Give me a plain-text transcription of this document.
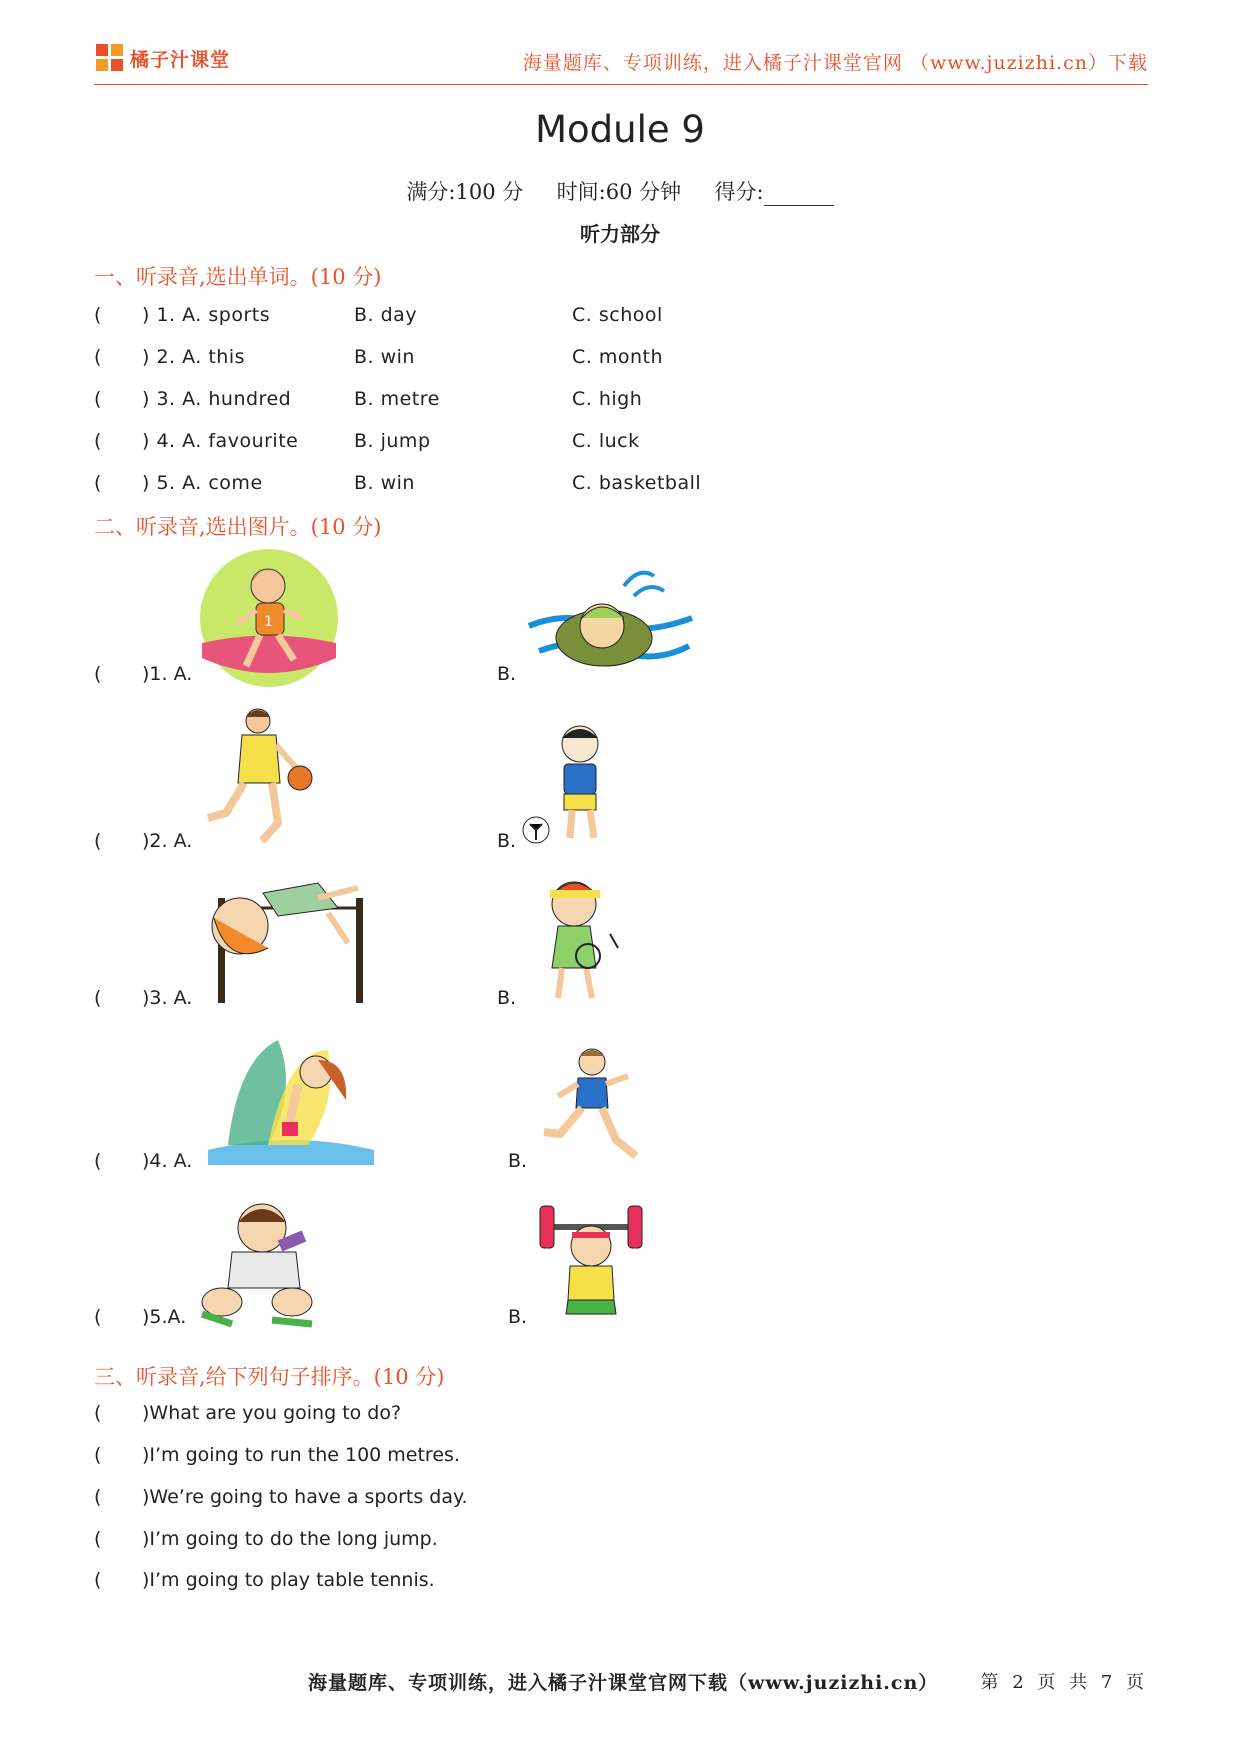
橘子汁课堂	海量题库、专项训练，进入橘子汁课堂官网 （www.juzizhi.cn）下载
Module 9
满分:100 分 时间:60 分钟 得分:
听力部分
一、听录音,选出单词。(10 分)
( ) 1. A. sports	B. day	C. school
( ) 2. A. this	B. win	C. month
( ) 3. A. hundred	B. metre	C. high
( ) 4. A. favourite	B. jump	C. luck
( ) 5. A. come	B. win	C. basketball
二、听录音,选出图片。(10 分)
1
( )1. A.	B.
( )2. A.	B.
( )3. A.	B.
( )4. A.	B.
( )5.A.	B.
三、听录音,给下列句子排序。(10 分)
( )What are you going to do?
( )I’m going to run the 100 metres.
( )We’re going to have a sports day.
( )I’m going to do the long jump.
( )I’m going to play table tennis.
海量题库、专项训练，进入橘子汁课堂官网下载（www.juzizhi.cn） 第 2 页 共 7 页
